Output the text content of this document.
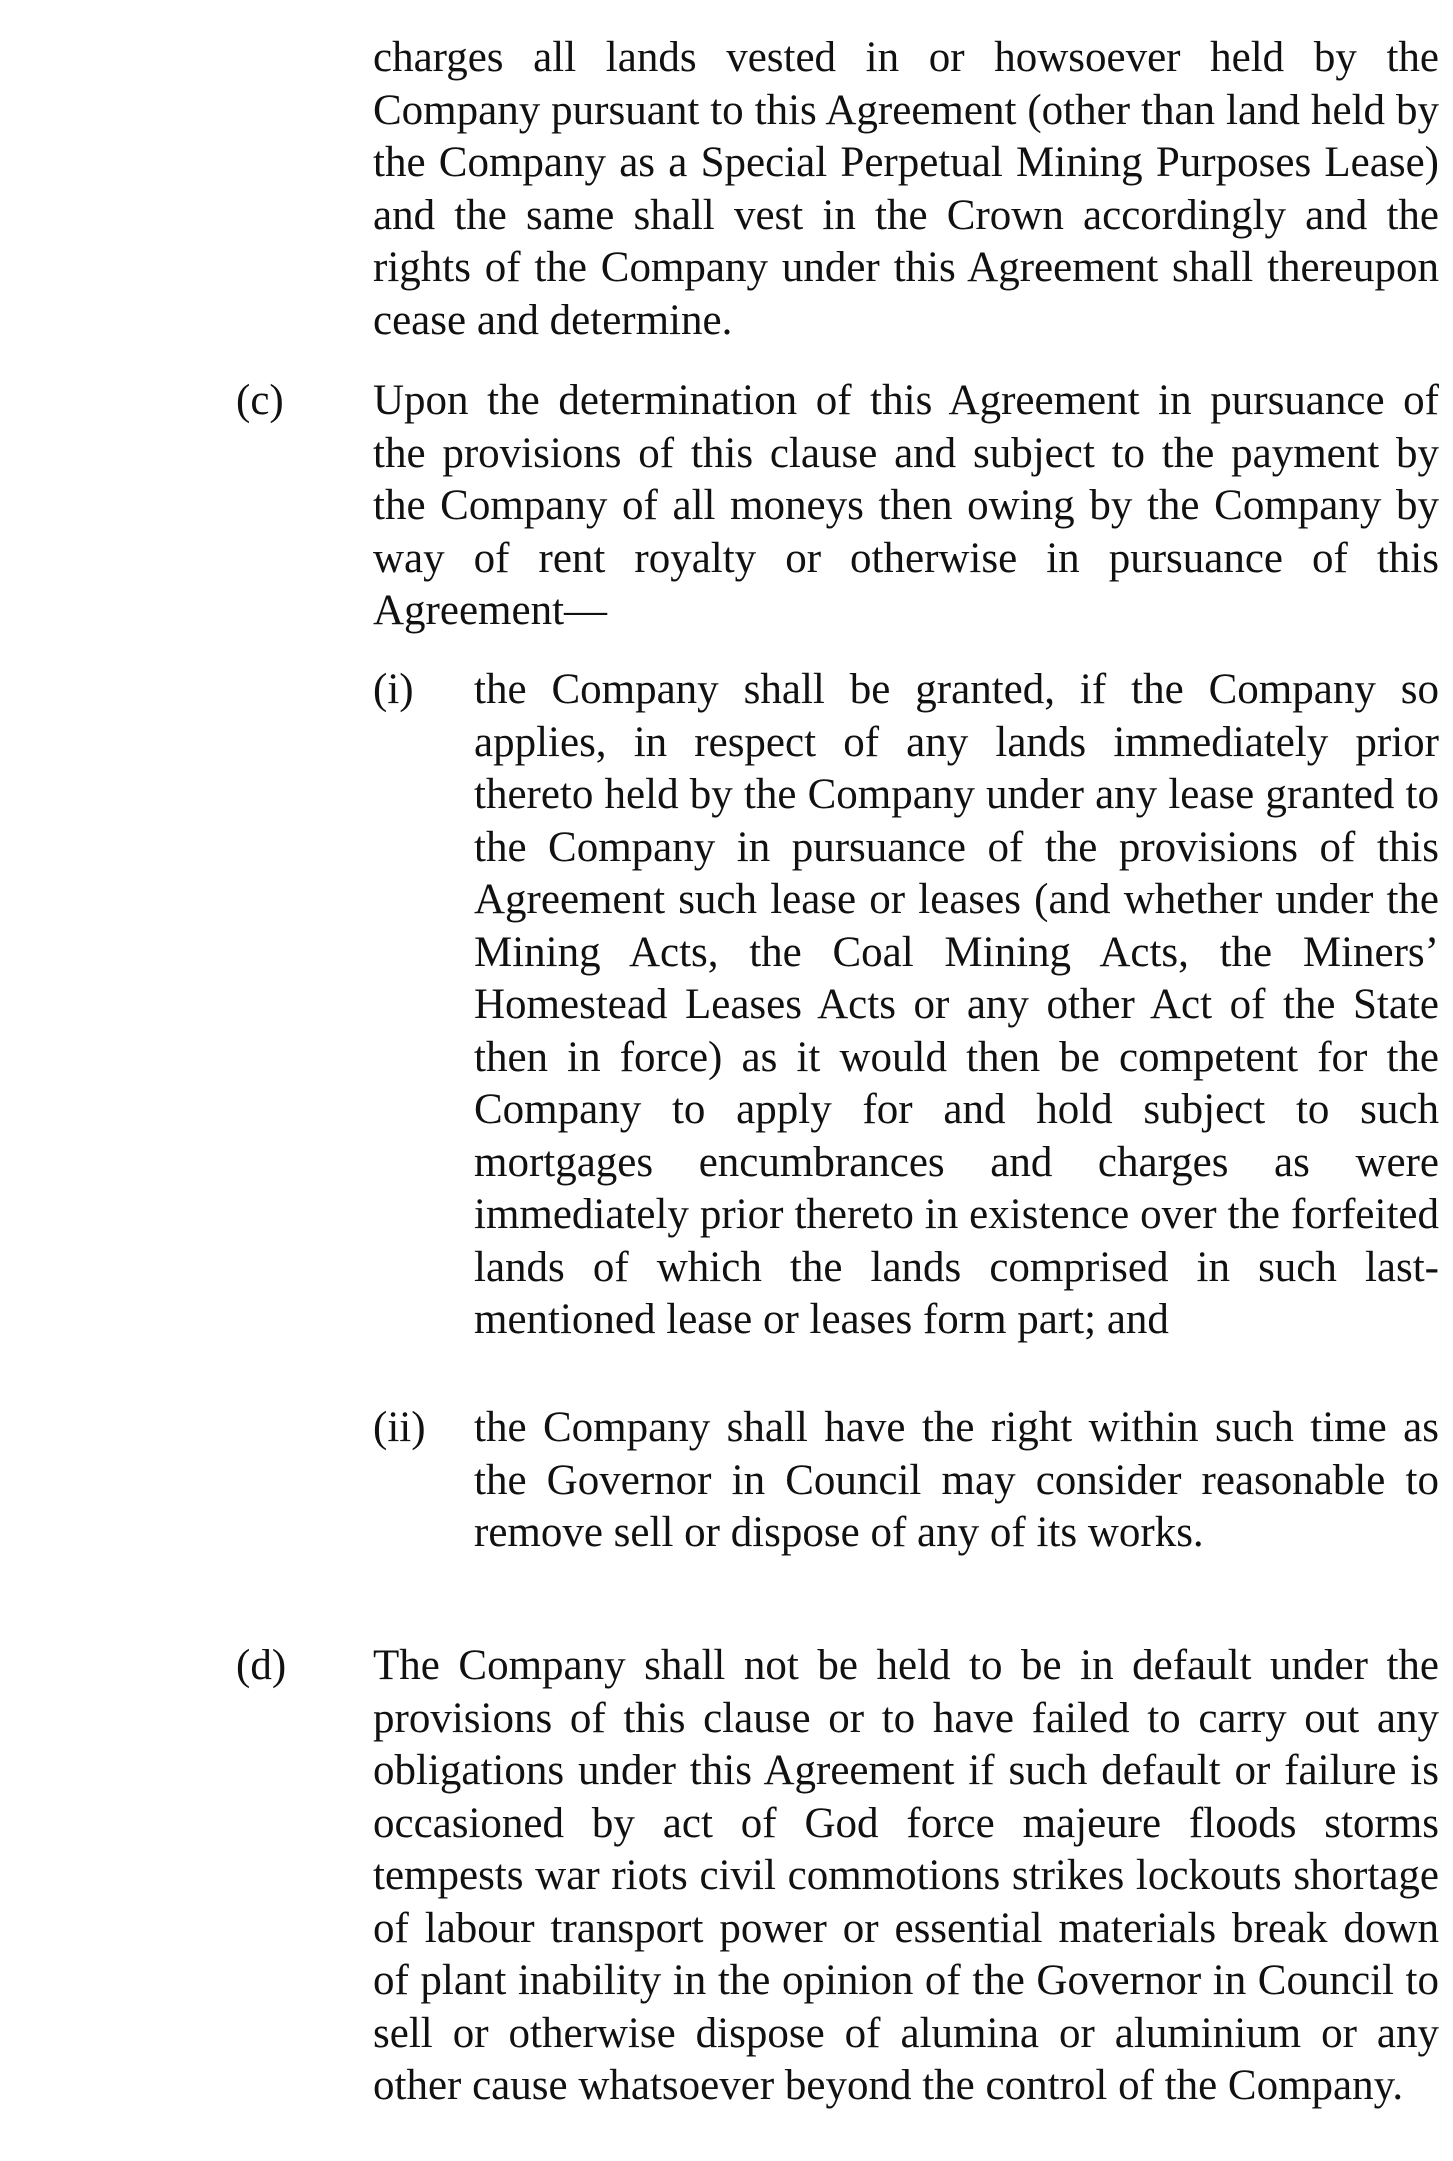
charges all lands vested in or howsoever held by the Company pursuant to this Agreement (other than land held by the Company as a Special Perpetual Mining Purposes Lease) and the same shall vest in the Crown accordingly and the rights of the Company under this Agreement shall thereupon cease and determine.

(c) Upon the determination of this Agreement in pursuance of the provisions of this clause and subject to the payment by the Company of all moneys then owing by the Company by way of rent royalty or otherwise in pursuance of this Agreement—

(i) the Company shall be granted, if the Company so applies, in respect of any lands immediately prior thereto held by the Company under any lease granted to the Company in pursuance of the provisions of this Agreement such lease or leases (and whether under the Mining Acts, the Coal Mining Acts, the Miners’ Homestead Leases Acts or any other Act of the State then in force) as it would then be competent for the Company to apply for and hold subject to such mortgages encumbrances and charges as were immediately prior thereto in existence over the forfeited lands of which the lands comprised in such last-mentioned lease or leases form part; and

(ii) the Company shall have the right within such time as the Governor in Council may consider reasonable to remove sell or dispose of any of its works.

(d) The Company shall not be held to be in default under the provisions of this clause or to have failed to carry out any obligations under this Agreement if such default or failure is occasioned by act of God force majeure floods storms tempests war riots civil commotions strikes lockouts shortage of labour transport power or essential materials break down of plant inability in the opinion of the Governor in Council to sell or otherwise dispose of alumina or aluminium or any other cause whatsoever beyond the control of the Company.
